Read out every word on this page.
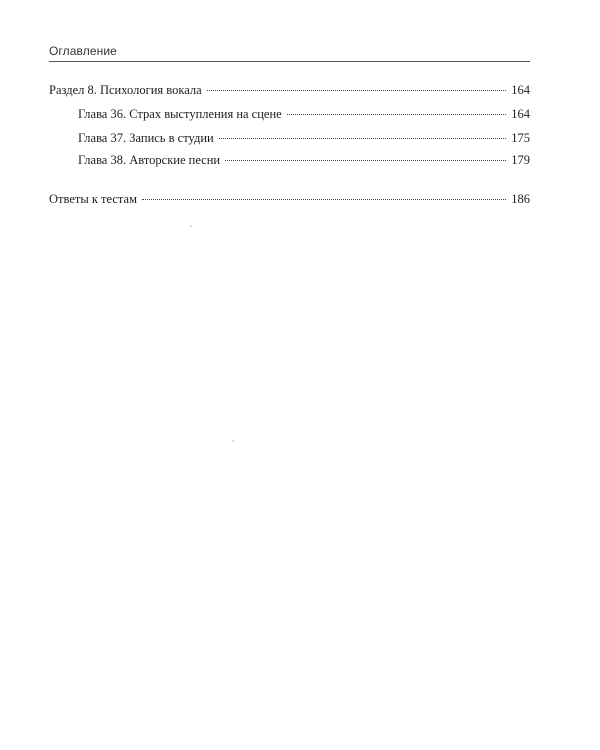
Оглавление
Раздел 8. Психология вокала	164
Глава 36. Страх выступления на сцене	164
Глава 37. Запись в студии	175
Глава 38. Авторские песни	179
Ответы к тестам	186
